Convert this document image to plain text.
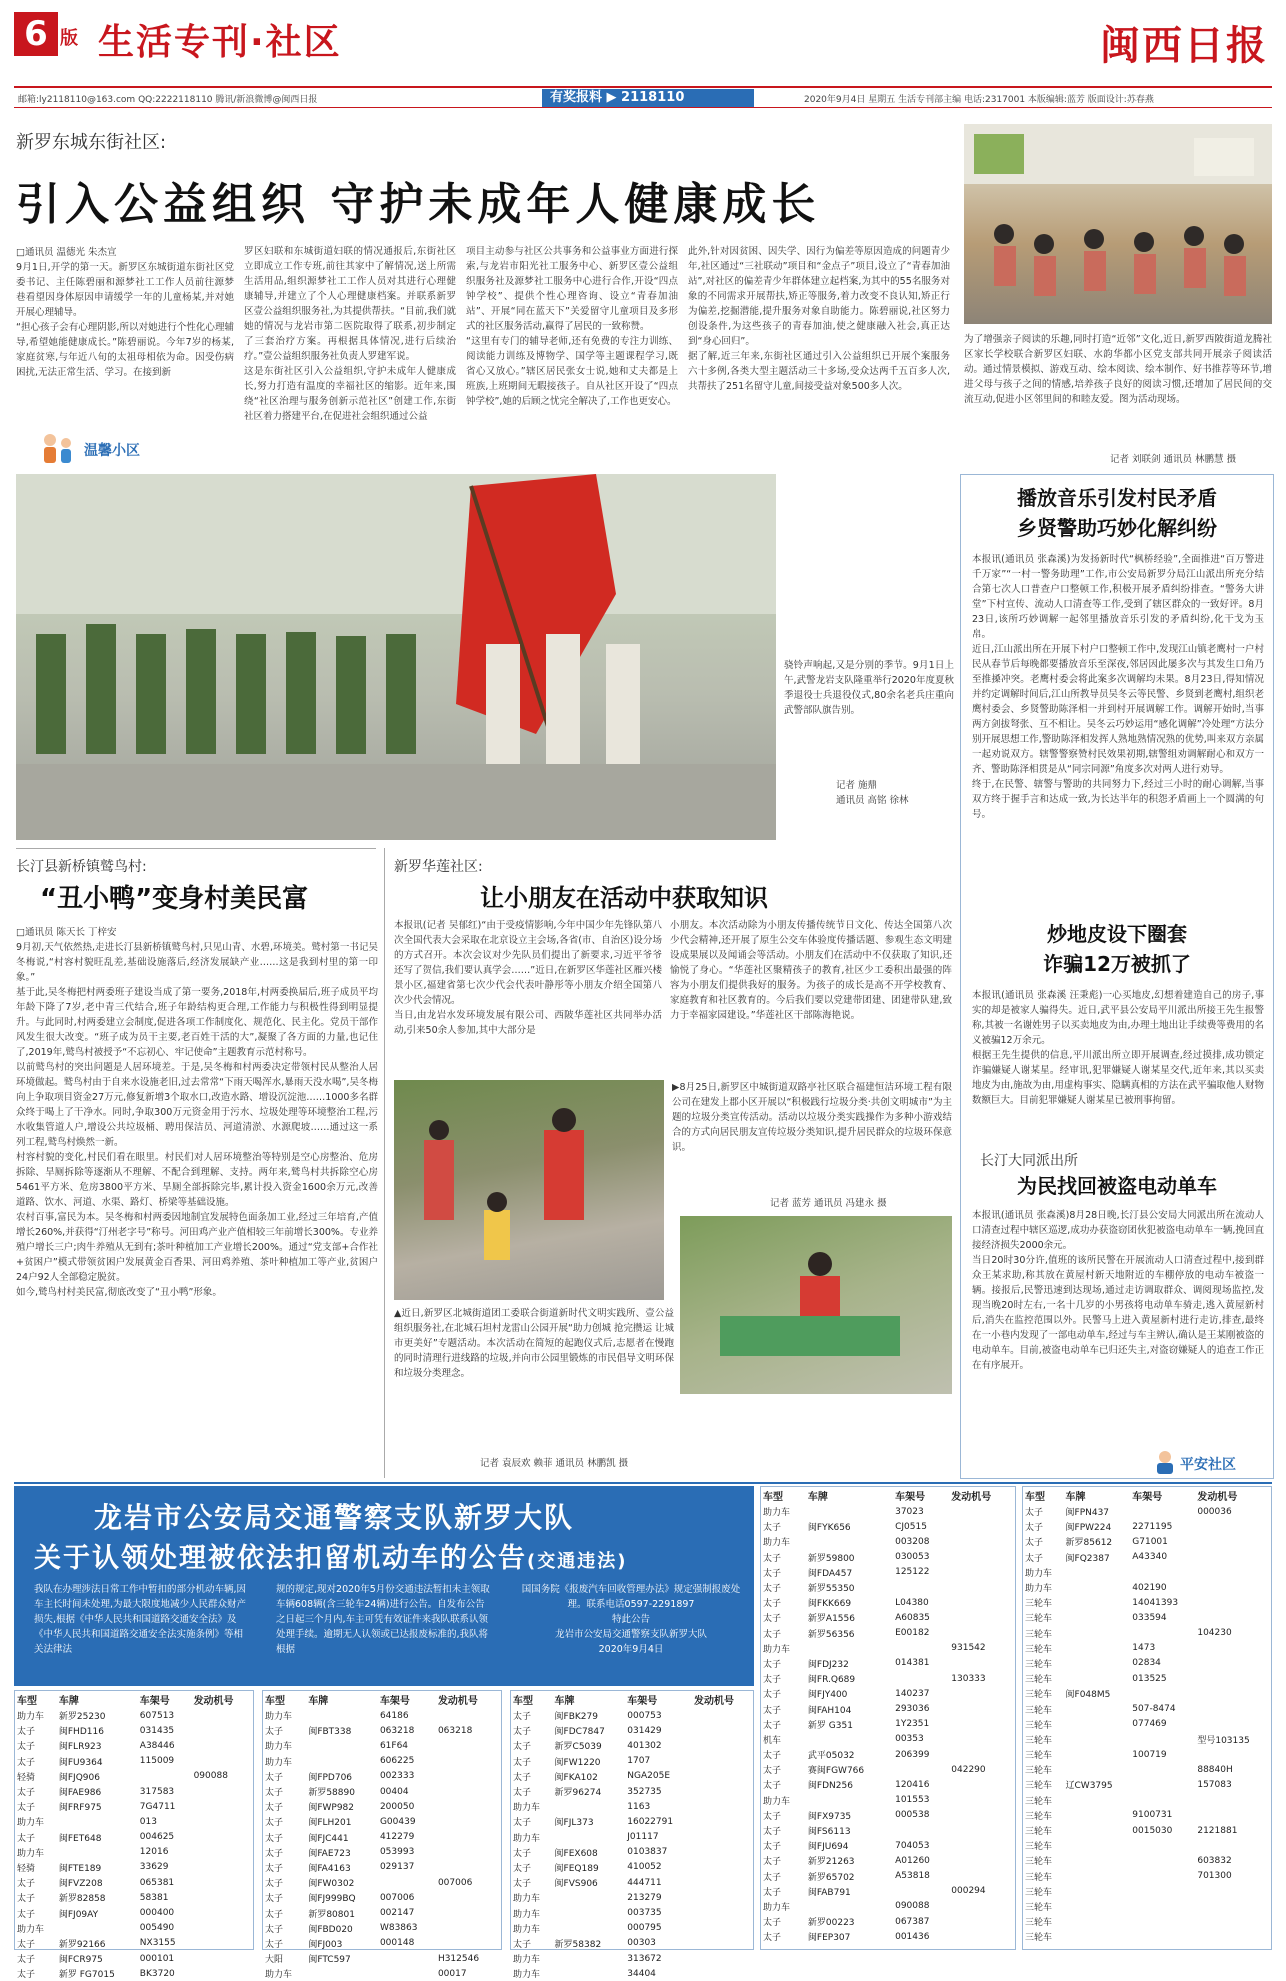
6 版 生活专刊·社区	闽西日报
邮箱:ly2118110@163.com QQ:2222118110 腾讯/新浪微博@闽西日报	有奖报料 ▶ 2118110	2020年9月4日 星期五 生活专刊部主编 电话:2317001 本版编辑:蓝芳 版面设计:苏春燕
新罗东城东街社区:
引入公益组织 守护未成年人健康成长
□通讯员 温德光 朱杰宣
9月1日,开学的第一天。新罗区东城街道东街社区党委书记、主任陈碧丽和源梦社工工作人员前往源梦巷看望因身体原因申请缓学一年的儿童杨某,并对她开展心理辅导。
“担心孩子会有心理阴影,所以对她进行个性化心理辅导,希望她能健康成长。”陈碧丽说。今年7岁的杨某,家庭贫寒,与年近八旬的太祖母相依为命。因受伤病困扰,无法正常生活、学习。在接到新
温馨小区
罗区妇联和东城街道妇联的情况通报后,东街社区立即成立工作专班,前往其家中了解情况,送上所需生活用品,组织源梦社工工作人员对其进行心理健康辅导,并建立了个人心理健康档案。并联系新罗区壹公益组织服务社,为其提供帮扶。“目前,我们就她的情况与龙岩市第二医院取得了联系,初步制定了三套治疗方案。再根据具体情况,进行后续治疗。”壹公益组织服务社负责人罗建军说。
这是东街社区引入公益组织,守护未成年人健康成长,努力打造有温度的幸福社区的缩影。近年来,围绕“社区治理与服务创新示范社区”创建工作,东街社区着力搭建平台,在促进社会组织通过公益
项目主动参与社区公共事务和公益事业方面进行探索,与龙岩市阳光社工服务中心、新罗区壹公益组织服务社及源梦社工服务中心进行合作,开设“四点钟学校”、提供个性心理咨询、设立“青春加油站”、开展“同在蓝天下”关爱留守儿童项目及多形式的社区服务活动,赢得了居民的一致称赞。
“这里有专门的辅导老师,还有免费的专注力训练、阅读能力训练及博物学、国学等主题课程学习,既省心又放心。”辖区居民张女士说,她和丈夫都是上班族,上班期间无暇接孩子。自从社区开设了“四点钟学校”,她的后顾之忧完全解决了,工作也更安心。
此外,针对因贫困、因失学、因行为偏差等原因造成的问题青少年,社区通过“三社联动”项目和“金点子”项目,设立了“青春加油站”,对社区的偏差青少年群体建立起档案,为其中的55名服务对象的不同需求开展帮扶,矫正等服务,着力改变不良认知,矫正行为偏差,挖掘潜能,提升服务对象自助能力。陈碧丽说,社区努力创设条件,为这些孩子的青春加油,使之健康融入社会,真正达到“身心回归”。
据了解,近三年来,东街社区通过引入公益组织已开展个案服务六十多例,各类大型主题活动三十多场,受众达两千五百多人次,共帮扶了251名留守儿童,间接受益对象500多人次。
为了增强亲子阅读的乐趣,同时打造“近邻”文化,近日,新罗西陂街道龙腾社区家长学校联合新罗区妇联、水韵华都小区党支部共同开展亲子阅读活动。通过情景模拟、游戏互动、绘本阅读、绘本制作、好书推荐等环节,增进父母与孩子之间的情感,培养孩子良好的阅读习惯,还增加了居民间的交流互动,促进小区邻里间的和睦友爱。图为活动现场。
记者 刘联剑 通讯员 林鹏慧 摄
骁铃声响起,又是分别的季节。9月1日上午,武警龙岩支队隆重举行2020年度夏秋季退役士兵退役仪式,80余名老兵庄重向武警部队旗告别。
记者 施鼎
通讯员 高铭 徐林
播放音乐引发村民矛盾
乡贤警助巧妙化解纠纷
本报讯(通讯员 张森溪)为发扬新时代“枫桥经验”,全面推进“百万警进千万家”“一村一警务助理”工作,市公安局新罗分局江山派出所充分结合第七次人口普查户口整顿工作,积极开展矛盾纠纷排查。“警务大讲堂”下村宣传、流动人口清查等工作,受到了辖区群众的一致好评。8月23日,该所巧妙调解一起邻里播放音乐引发的矛盾纠纷,化干戈为玉帛。
近日,江山派出所在开展下村户口整顿工作中,发现江山镇老鹰村一户村民从春节后每晚都要播放音乐至深夜,邻居因此屡多次与其发生口角乃至推搡冲突。老鹰村委会将此案多次调解均未果。8月23日,得知情况并约定调解时间后,江山所教导员吴冬云等民警、乡贤到老鹰村,组织老鹰村委会、乡贤警助陈泽相一并到村开展调解工作。调解开始时,当事两方剑拔弩张、互不相让。吴冬云巧妙运用“感化调解”冷处理“方法分别开展思想工作,警助陈泽相发挥人熟地熟情况熟的优势,叫来双方亲属一起劝说双方。辖警警察赞村民效果初期,辖警组劝调解耐心和双方一齐、警助陈泽相贯是从“同宗同源”角度多次对两人进行劝导。
终于,在民警、辖警与警助的共同努力下,经过三小时的耐心调解,当事双方终于握手言和达成一致,为长达半年的积怨矛盾画上一个圆满的句号。
炒地皮设下圈套
诈骗12万被抓了
本报讯(通讯员 张森溪 汪秉彪)一心买地皮,幻想着建造自己的房子,事实的却是被家人骗得失。近日,武平县公安局平川派出所接王先生报警称,其被一名谢姓男子以买卖地皮为由,办理土地出让手续费等费用的名义被骗12万余元。
根据王先生提供的信息,平川派出所立即开展调查,经过摸排,成功锁定诈骗嫌疑人谢某星。经审讯,犯罪嫌疑人谢某星交代,近年来,其以买卖地皮为由,施故为由,用虚构事实、隐瞒真相的方法在武平骗取他人财物数额巨大。目前犯罪嫌疑人谢某星已被刑事拘留。
长汀大同派出所
为民找回被盗电动单车
本报讯(通讯员 张森溪)8月28日晚,长汀县公安局大同派出所在流动人口清查过程中辖区巡逻,成功办获盗窃团伙犯被盗电动单车一辆,挽回直接经济损失2000余元。
当日20时30分许,值班的该所民警在开展流动人口清查过程中,接到群众王某求助,称其放在黄屋村新天地附近的车棚停放的电动车被盗一辆。接报后,民警迅速到达现场,通过走访调取群众、调阅现场监控,发现当晚20时左右,一名十几岁的小男孩将电动单车骑走,逃入黄屋新村后,消失在监控范围以外。民警马上进入黄屋新村进行走访,排查,最终在一小巷内发现了一部电动单车,经过与车主辨认,确认是王某刚被盗的电动单车。目前,被盗电动单车已归还失主,对盗窃嫌疑人的追查工作正在有序展开。
平安社区
长汀县新桥镇鹫鸟村:
“丑小鸭”变身村美民富
□通讯员 陈天长 丁梓安
9月初,天气依然热,走进长汀县新桥镇鹫鸟村,只见山青、水碧,环境美。鹫村第一书记吴冬梅说,“村容村貌旺乱差,基础设施落后,经济发展缺产业……这是我到村里的第一印象。”
基于此,吴冬梅把村两委班子建设当成了第一要务,2018年,村两委换届后,班子成员平均年龄下降了7岁,老中青三代结合,班子年龄结构更合理,工作能力与积极性得到明显提升。与此同时,村两委建立会制度,促进各项工作制度化、规范化、民主化。党员干部作风发生很大改变。“班子成为员干主要,老百姓干活的大”,凝聚了各方面的力量,也记住了,2019年,鹫鸟村被授予“不忘初心、牢记使命”主题教育示范村称号。
以前鹫鸟村的突出问题是人居环境差。于是,吴冬梅和村两委决定带领村民从整治人居环境做起。鹫鸟村由于自来水设施老旧,过去常常“下雨天喝浑水,暴雨天没水喝”,吴冬梅向上争取项目资金27万元,修复新增3个取水口,改造水路、增设沉淀池……1000多名群众终于喝上了干净水。同时,争取300万元资金用于污水、垃圾处理等环境整治工程,污水收集管道人户,增设公共垃圾桶、聘用保洁员、河道清淤、水源爬坡……通过这一系列工程,鹫鸟村焕然一新。
村容村貌的变化,村民们看在眼里。村民们对人居环境整治等特别是空心房整治、危房拆除、旱厕拆除等逐渐从不理解、不配合到理解、支持。两年来,鹫鸟村共拆除空心房5461平方米、危房3800平方米、旱厕全部拆除完毕,累计投入资金1600余万元,改善道路、饮水、河道、水渠、路灯、桥梁等基础设施。
农村百事,富民为本。吴冬梅和村两委因地制宜发展特色面条加工业,经过三年培育,产值增长260%,并获得“汀州老字号”称号。河田鸡产业产值相较三年前增长300%。专业养殖户增长三户;肉牛养殖从无到有;茶叶种植加工产业增长200%。通过“党支部+合作社+贫困户”模式带领贫困户发展黄金百香果、河田鸡养殖、茶叶种植加工等产业,贫困户24户92人全部稳定脱贫。
如今,鹫鸟村村美民富,彻底改变了“丑小鸭”形象。
新罗华莲社区:
让小朋友在活动中获取知识
本报讯(记者 吴郁红)“由于受疫情影响,今年中国少年先锋队第八次全国代表大会采取在北京设立主会场,各省(市、自治区)设分场的方式召开。本次会议对少先队员们提出了新要求,习近平爷爷还写了贺信,我们要认真学会……”近日,在新罗区华莲社区雁兴楼景小区,福建省第七次少代会代表叶静彤等小朋友介绍全国第八次少代会情况。
当日,由龙岩水发环境发展有限公司、西陂华莲社区共同举办活动,引来50余人参加,其中大部分是
小朋友。本次活动除为小朋友传播传统节日文化、传达全国第八次少代会精神,还开展了原生公交车体验度传播话题、参观生态文明建设成果展以及闻诵会等活动。小朋友们在活动中不仅获取了知识,还愉悦了身心。“华莲社区聚精孩子的教育,社区少工委积出最强的阵容为小朋友们提供我好的服务。为孩子的成长是高不开学校教育、家庭教育和社区教育的。今后我们要以党建带团建、团建带队建,致力于幸福家园建设。”华莲社区干部陈海艳说。
▶8月25日,新罗区中城街道双路亭社区联合福建恒洁环境工程有限公司在建发上郡小区开展以“积极践行垃圾分类·共创文明城市”为主题的垃圾分类宣传活动。活动以垃圾分类实践操作为多种小游戏结合的方式向居民朋友宣传垃圾分类知识,提升居民群众的垃圾环保意识。
记者 蓝芳 通讯员 冯建永 摄
▲近日,新罗区北城街道团工委联合街道新时代文明实践所、壹公益组织服务社,在北城石坦村龙雷山公园开展“助力创城 抢完攒运 让城市更美好”专题活动。本次活动在简短的起跑仪式后,志愿者在慢跑的同时清理行进线路的垃圾,并向市公园里锻炼的市民倡导文明环保和垃圾分类理念。
记者 袁辰欢 赖菲 通讯员 林鹏凯 摄
龙岩市公安局交通警察支队新罗大队
关于认领处理被依法扣留机动车的公告(交通违法)
我队在办理涉法日常工作中暂扣的部分机动车辆,因车主长时间未处理,为最大限度地减少人民群众财产损失,根据《中华人民共和国道路交通安全法》及《中华人民共和国道路交通安全法实施条例》等相关法律法
规的规定,现对2020年5月份交通违法暂扣未主领取车辆608辆(含三轮车24辆)进行公告。自发布公告之日起三个月内,车主可凭有效证件来我队联系认领处理手续。逾期无人认领或已达报废标准的,我队将根据
国国务院《报废汽车回收管理办法》规定强制报废处理。联系电话0597-2291897
特此公告
龙岩市公安局交通警察支队新罗大队
2020年9月4日
车型	车牌	车架号	发动机号
助力车	新罗25230	607513	
太子	闽FHD116	031435	
太子	闽FLR923	A38446	
太子	闽FU9364	115009	
轻骑	闽FJQ906		090088
太子	闽FAE986	317583	
太子	闽FRF975	7G4711	
助力车		013	
太子	闽FET648	004625	
助力车		12016	
轻骑	闽FTE189	33629	
太子	闽FVZ208	065381	
太子	新罗82858	58381	
太子	闽FJ09AY	000400	
助力车		005490	
太子	新罗92166	NX3155	
太子	闽FCR975	000101	
太子	新罗 FG7015	BK3720	
车型	车牌	车架号	发动机号
助力车		64186	
太子	闽FBT338	063218	063218
助力车		61F64	
助力车		606225	
太子	闽FPD706	002333	
太子	新罗58890	00404	
太子	闽FWP982	200050	
太子	闽FLH201	G00439	
太子	闽FJC441	412279	
太子	闽FAE723	053993	
太子	闽FA4163	029137	
太子	闽FW0302		007006
太子	闽FJ999BQ	007006	
太子	新罗80801	002147	
太子	闽FBD020	W83863	
太子	闽FJ003	000148	
大阳	闽FTC597		H312546
助力车			00017
车型	车牌	车架号	发动机号
太子	闽FBK279	000753	
太子	闽FDC7847	031429	
太子	新罗C5039	401302	
太子	闽FW1220	1707	
太子	闽FKA102	NGA205E	
太子	新罗96274	352735	
助力车		1163	
太子	闽FJL373	16022791	
助力车		J01117	
太子	闽FEX608	0103837	
太子	闽FEQ189	410052	
太子	闽FVS906	444711	
助力车		213279	
助力车		003735	
助力车		000795	
太子	新罗58382	00303	
助力车		313672	
助力车		34404	
车型	车牌	车架号	发动机号
助力车		37023	
太子	闽FYK656	CJ0515	
助力车		003208	
太子	新罗59800	030053	
太子	闽FDA457	125122	
太子	新罗55350		
太子	闽FKK669	L04380	
太子	新罗A1556	A60835	
太子	新罗56356	E00182	
助力车			931542
太子	闽FDJ232	014381	
太子	闽FR.Q689		130333
太子	闽FJY400	140237	
太子	闽FAH104	293036	
太子	新罗 G351	1Y2351	
机车		00353	
太子	武平05032	206399	
太子	赛闽FGW766		042290
太子	闽FDN256	120416	
助力车		101553	
太子	闽FX9735	000538	
太子	闽FS6113		
太子	闽FJU694	704053	
太子	新罗21263	A01260	
太子	新罗65702	A53818	
太子	闽FAB791		000294
助力车		090088	
太子	新罗00223	067387	
太子	闽FEP307	001436	
车型	车牌	车架号	发动机号
太子	闽FPN437		000036
太子	闽FPW224	2271195	
太子	新罗85612	G71001	
太子	闽FQ2387	A43340	
助力车			
助力车		402190	
三轮车		14041393	
三轮车		033594	
三轮车			104230
三轮车		1473	
三轮车		02834	
三轮车		013525	
三轮车	闽F048M5		
三轮车		507-8474	
三轮车		077469	
三轮车			型号103135
三轮车		100719	
三轮车			88840H
三轮车	辽CW3795		157083
三轮车			
三轮车		9100731	
三轮车		0015030	2121881
三轮车			
三轮车			603832
三轮车			701300
三轮车			
三轮车			
三轮车			
三轮车			
